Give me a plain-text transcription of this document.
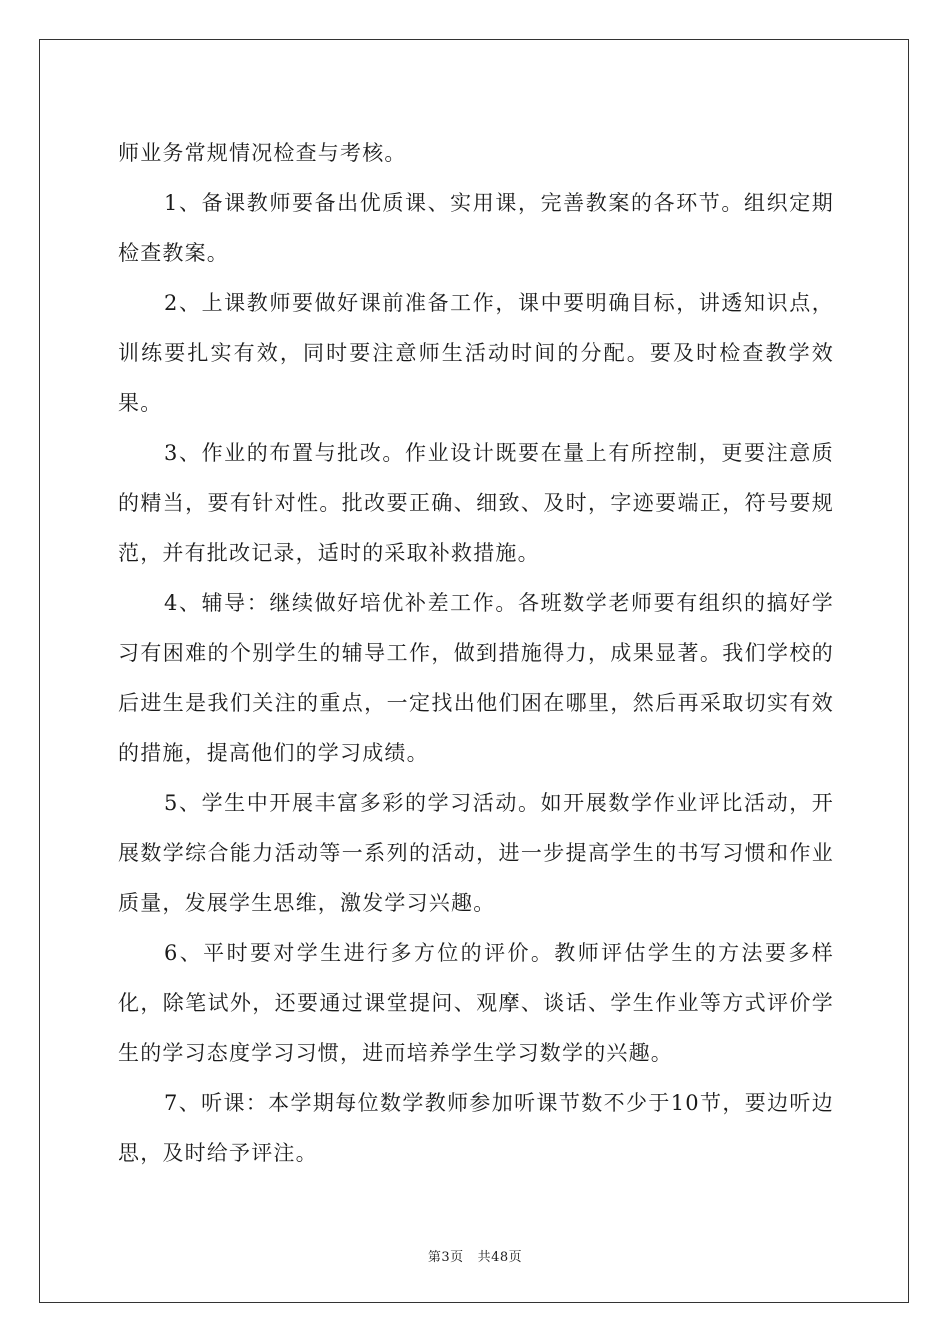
师业务常规情况检查与考核。

1、备课教师要备出优质课、实用课，完善教案的各环节。组织定期检查教案。

2、上课教师要做好课前准备工作，课中要明确目标，讲透知识点，训练要扎实有效，同时要注意师生活动时间的分配。要及时检查教学效果。

3、作业的布置与批改。作业设计既要在量上有所控制，更要注意质的精当，要有针对性。批改要正确、细致、及时，字迹要端正，符号要规范，并有批改记录，适时的采取补救措施。

4、辅导：继续做好培优补差工作。各班数学老师要有组织的搞好学习有困难的个别学生的辅导工作，做到措施得力，成果显著。我们学校的后进生是我们关注的重点，一定找出他们困在哪里，然后再采取切实有效的措施，提高他们的学习成绩。

5、学生中开展丰富多彩的学习活动。如开展数学作业评比活动，开展数学综合能力活动等一系列的活动，进一步提高学生的书写习惯和作业质量，发展学生思维，激发学习兴趣。

6、平时要对学生进行多方位的评价。教师评估学生的方法要多样化，除笔试外，还要通过课堂提问、观摩、谈话、学生作业等方式评价学生的学习态度学习习惯，进而培养学生学习数学的兴趣。

7、听课：本学期每位数学教师参加听课节数不少于10节，要边听边思，及时给予评注。

第3页 共48页
